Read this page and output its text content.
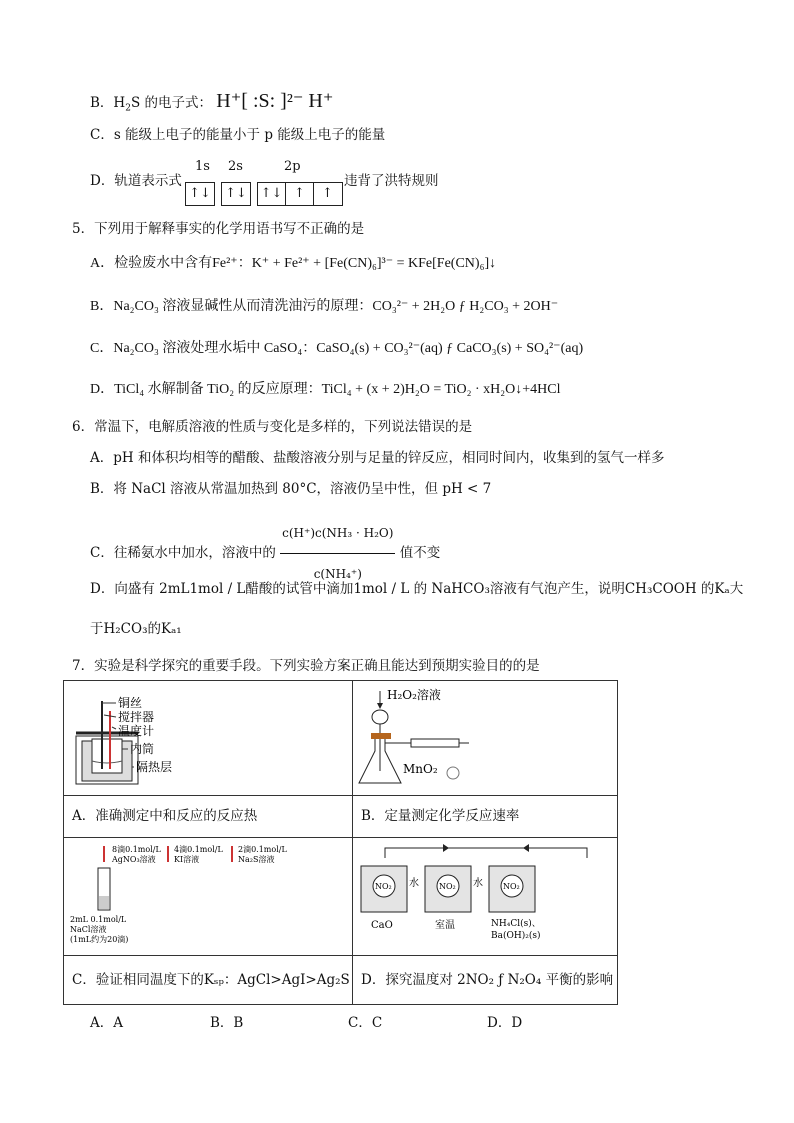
B．$H_2S$ 的电子式： H⁺[ :S: ]²⁻ H⁺
C．s 能级上电子的能量小于 p 能级上电子的能量
D．轨道表示式
1s 2s	2p
↑↓	↑↓	↑↓ ↑ ↑
违背了洪特规则
5．下列用于解释事实的化学用语书写不正确的是
A．检验废水中含有Fe²⁺：K⁺ + Fe²⁺ + [Fe(CN)₆]³⁻ = KFe[Fe(CN)₆]↓
B．Na₂CO₃ 溶液显碱性从而清洗油污的原理：CO₃²⁻ + 2H₂O ƒ H₂CO₃ + 2OH⁻
C．Na₂CO₃ 溶液处理水垢中 CaSO₄：CaSO₄(s) + CO₃²⁻(aq) ƒ CaCO₃(s) + SO₄²⁻(aq)
D．TiCl₄ 水解制备 TiO₂ 的反应原理：TiCl₄ + (x + 2)H₂O = TiO₂ · xH₂O↓+4HCl
6．常温下，电解质溶液的性质与变化是多样的，下列说法错误的是
A．pH 和体积均相等的醋酸、盐酸溶液分别与足量的锌反应，相同时间内，收集到的氢气一样多
B．将 NaCl 溶液从常温加热到 80°C，溶液仍呈中性，但 pH < 7
C．往稀氨水中加水，溶液中的 $\frac{\text{c(H⁺)c(NH₃ · H₂O)}}{\text{c(NH₄⁺)}}$ 值不变
D．向盛有 2mL1mol / L醋酸的试管中滴加1mol / L 的 NaHCO₃溶液有气泡产生，说明CH₃COOH 的Kₐ大
于H₂CO₃的Kₐ₁
7．实验是科学探究的重要手段。下列实验方案正确且能达到预期实验目的的是
铜丝
搅拌器
温度计
内筒
隔热层
H₂O₂溶液
MnO₂
A．准确测定中和反应的反应热	B．定量测定化学反应速率
8滴0.1mol/L
AgNO₃溶液
4滴0.1mol/L
KI溶液
2滴0.1mol/L
Na₂S溶液
2mL 0.1mol/L
NaCl溶液
(1mL约为20滴)
NO₂	NO₂	NO₂
水	水
CaO	室温	NH₄Cl(s)、
Ba(OH)₂(s)
C．验证相同温度下的Kₛₚ：AgCl>AgI>Ag₂S D．探究温度对 2NO₂ ƒ N₂O₄ 平衡的影响
A．A	B．B	C．C	D．D
